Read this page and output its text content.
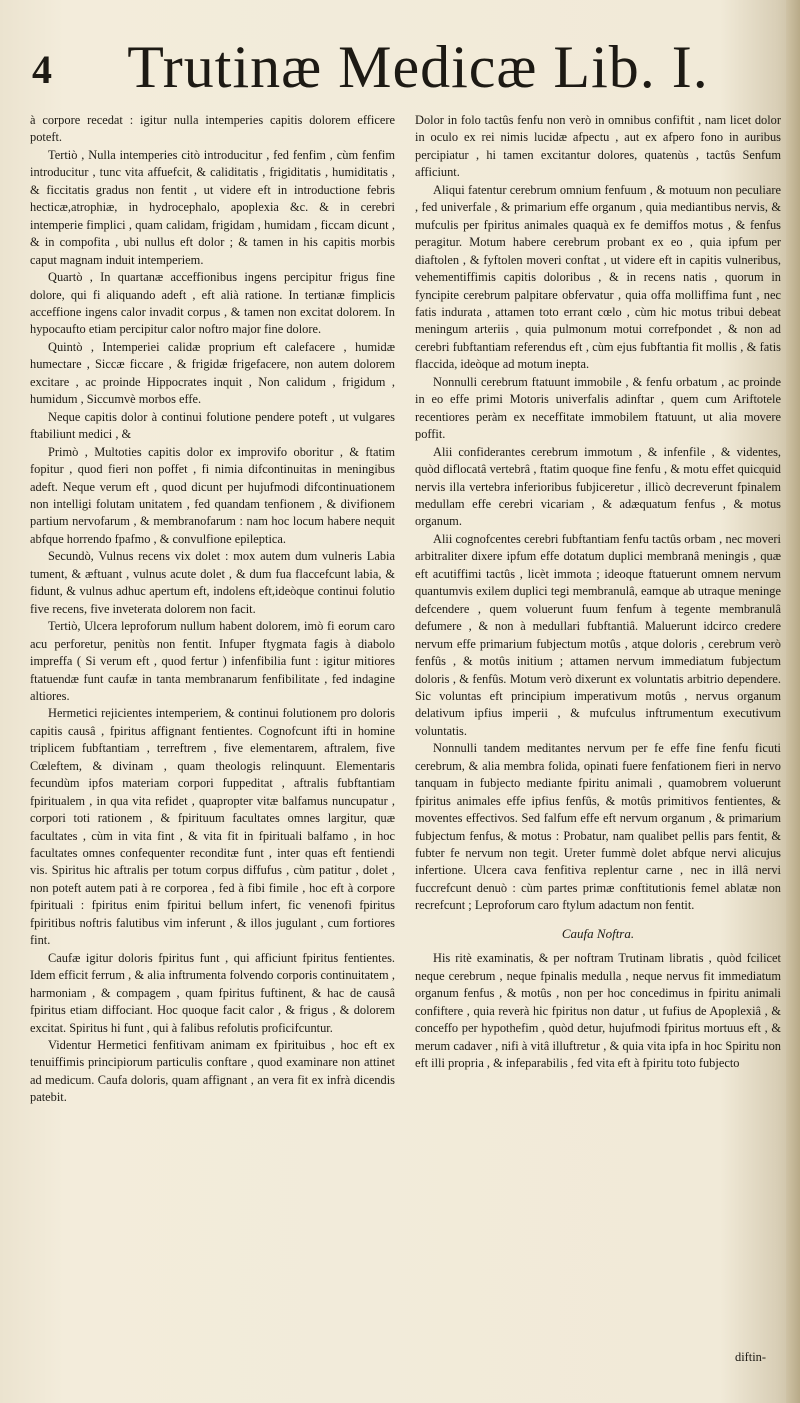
4	Trutinæ Medicæ Lib. I.

à corpore recedat : igitur nulla intemperies capitis dolorem efficere poteft.

Tertiò , Nulla intemperies citò introducitur , fed fenfim , cùm fenfim introducitur , tunc vita affuefcit, & caliditatis , frigiditatis , humiditatis , & ficcitatis gradus non fentit , ut videre eft in introductione febris hecticæ,atrophiæ, in hydrocephalo, apoplexia &c. & in cerebri intemperie fimplici , quam calidam, frigidam , humidam , ficcam dicunt , & in compofita , ubi nullus eft dolor ; & tamen in his capitis morbis caput magnam induit intemperiem.

Quartò , In quartanæ acceffionibus ingens percipitur frigus fine dolore, qui fi aliquando adeft , eft alià ratione. In tertianæ fimplicis acceffione ingens calor invadit corpus , & tamen non excitat dolorem. In hypocaufto etiam percipitur calor noftro major fine dolore.

Quintò , Intemperiei calidæ proprium eft calefacere , humidæ humectare , Siccæ ficcare , & frigidæ frigefacere, non autem dolorem excitare , ac proinde Hippocrates inquit , Non calidum , frigidum , humidum , Siccumvè morbos effe.

Neque capitis dolor à continui folutione pendere poteft , ut vulgares ftabiliunt medici , &

Primò , Multoties capitis dolor ex improvifo oboritur , & ftatim fopitur , quod fieri non poffet , fi nimia difcontinuitas in meningibus adeft. Neque verum eft , quod dicunt per hujufmodi difcontinuationem non intelligi folutam unitatem , fed quandam tenfionem , & divifionem partium nervofarum , & membranofarum : nam hoc locum habere nequit abfque horrendo fpafmo , & convulfione epileptica.

Secundò, Vulnus recens vix dolet : mox autem dum vulneris Labia tument, & æftuant , vulnus acute dolet , & dum fua flaccefcunt labia, & fidunt, & vulnus adhuc apertum eft, indolens eft,ideòque continui folutio five recens, five inveterata dolorem non facit.

Tertiò, Ulcera leproforum nullum habent dolorem, imò fi eorum caro acu perforetur, penitùs non fentit. Infuper ftygmata fagis à diabolo impreffa ( Si verum eft , quod fertur ) infenfibilia funt : igitur mitiores ftatuendæ funt caufæ in tanta membranarum fenfibilitate , fed indagine altiores.

Hermetici rejicientes intemperiem, & continui folutionem pro doloris capitis causâ , fpiritus affignant fentientes. Cognofcunt ifti in homine triplicem fubftantiam , terreftrem , five elementarem, aftralem, five Cœleftem, & divinam , quam theologis relinquunt. Elementaris fecundùm ipfos materiam corpori fuppeditat , aftralis fubftantiam fpiritualem , in qua vita refidet , quapropter vitæ balfamus nuncupatur , corpori toti rationem , & fpirituum facultates omnes largitur, quæ facultates , cùm in vita fint , & vita fit in fpirituali balfamo , in hoc facultates omnes confequenter reconditæ funt , inter quas eft fentiendi vis. Spiritus hic aftralis per totum corpus diffufus , cùm patitur , dolet , non poteft autem pati à re corporea , fed à fibi fimile , hoc eft à corpore fpirituali : fpiritus enim fpiritui bellum infert, fic venenofi fpiritus fpiritibus noftris falutibus vim inferunt , & illos jugulant , cum fortiores fint.

Caufæ igitur doloris fpiritus funt , qui afficiunt fpiritus fentientes. Idem efficit ferrum , & alia inftrumenta folvendo corporis continuitatem , harmoniam , & compagem , quam fpiritus fuftinent, & hac de causâ fpiritus etiam diffociant. Hoc quoque facit calor , & frigus , & dolorem excitat. Spiritus hi funt , qui à falibus refolutis proficifcuntur.

Videntur Hermetici fenfitivam animam ex fpirituibus , hoc eft ex tenuiffimis principiorum particulis conftare , quod examinare non attinet ad medicum. Caufa doloris, quam affignant , an vera fit ex infrà dicendis patebit.

Dolor in folo tactûs fenfu non verò in omnibus confiftit , nam licet dolor in oculo ex rei nimis lucidæ afpectu , aut ex afpero fono in auribus percipiatur , hi tamen excitantur dolores, quatenùs , tactûs Senfum afficiunt.

Aliqui fatentur cerebrum omnium fenfuum , & motuum non peculiare , fed univerfale , & primarium effe organum , quia mediantibus nervis, & mufculis per fpiritus animales quaquà ex fe demiffos motus , & fenfus peragitur. Motum habere cerebrum probant ex eo , quia ipfum per diaftolen , & fyftolen moveri conftat , ut videre eft in capitis vulneribus, vehementiffimis capitis doloribus , & in recens natis , quorum in fyncipite cerebrum palpitare obfervatur , quia offa molliffima funt , nec fatis indurata , attamen toto errant cœlo , cùm hic motus tribui debeat meningum arteriis , quia pulmonum motui correfpondet , & non ad cerebri fubftantiam referendus eft , cùm ejus fubftantia fit mollis , & fatis flaccida, ideòque ad motum inepta.

Nonnulli cerebrum ftatuunt immobile , & fenfu orbatum , ac proinde in eo effe primi Motoris univerfalis adinftar , quem cum Ariftotele recentiores peràm ex neceffitate immobilem ftatuunt, ut alia movere poffit.

Alii confiderantes cerebrum immotum , & infenfile , & videntes, quòd diflocatâ vertebrâ , ftatim quoque fine fenfu , & motu effet quicquid nervis illa vertebra inferioribus fubjiceretur , illicò decreverunt fpinalem medullam effe cerebri vicariam , & adæquatum fenfus , & motus organum.

Alii cognofcentes cerebri fubftantiam fenfu tactûs orbam , nec moveri arbitraliter dixere ipfum effe dotatum duplici membranâ meningis , quæ eft acutiffimi tactûs , licèt immota ; ideoque ftatuerunt omnem nervum quantumvis exilem duplici tegi membranulâ, eamque ab utraque meninge defcendere , quem voluerunt fuum fenfum à tegente membranulâ defumere , & non à medullari fubftantiâ. Maluerunt idcirco credere nervum effe primarium fubjectum motûs , atque doloris , cerebrum verò fenfûs , & motûs initium ; attamen nervum immediatum fubjectum doloris , & fenfûs. Motum verò dixerunt ex voluntatis arbitrio dependere. Sic voluntas eft principium imperativum motûs , nervus organum delativum ipfius imperii , & mufculus inftrumentum executivum voluntatis.

Nonnulli tandem meditantes nervum per fe effe fine fenfu ficuti cerebrum, & alia membra folida, opinati fuere fenfationem fieri in nervo tanquam in fubjecto mediante fpiritu animali , quamobrem voluerunt fpiritus animales effe ipfius fenfûs, & motûs primitivos fentientes, & moventes effectivos. Sed falfum effe eft nervum organum , & primarium fubjectum fenfus, & motus : Probatur, nam qualibet pellis pars fentit, & fubter fe nervum non tegit. Ureter fummè dolet abfque nervi alicujus infertione. Ulcera cava fenfitiva replentur carne , nec in illâ nervi fuccrefcunt denuò : cùm partes primæ conftitutionis femel ablatæ non recrefcunt ; Leproforum caro ftylum adactum non fentit.

Caufa Noftra.

His ritè examinatis, & per noftram Trutinam libratis , quòd fcilicet neque cerebrum , neque fpinalis medulla , neque nervus fit immediatum organum fenfus , & motûs , non per hoc concedimus in fpiritu animali confiftere , quia reverà hic fpiritus non datur , ut fufius de Apoplexiâ , & conceffo per hypothefim , quòd detur, hujufmodi fpiritus mortuus eft , & merum cadaver , nifi à vitâ illuftretur , & quia vita ipfa in hoc Spiritu non eft illi propria , & infeparabilis , fed vita eft à fpiritu toto fubjecto

diftin-
